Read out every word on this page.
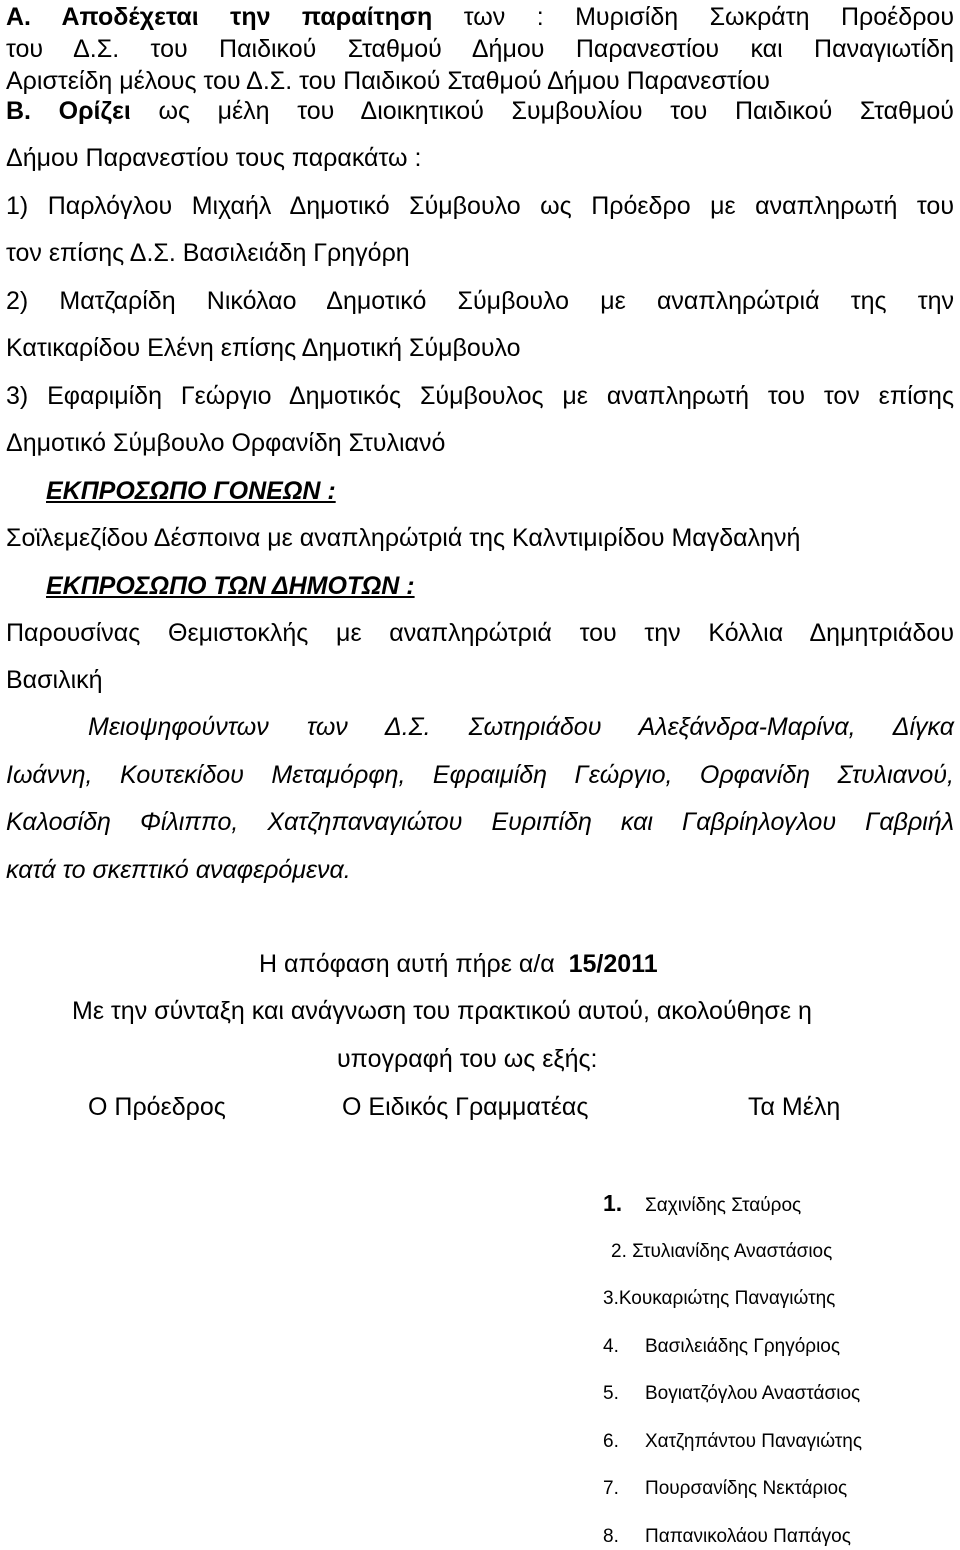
Α. Αποδέχεται την παραίτηση των : Μυρισίδη Σωκράτη Προέδρου
του Δ.Σ. του Παιδικού Σταθμού Δήμου Παρανεστίου και Παναγιωτίδη
Αριστείδη μέλους του Δ.Σ. του Παιδικού Σταθμού Δήμου Παρανεστίου
Β. Ορίζει ως μέλη του Διοικητικού Συμβουλίου του Παιδικού Σταθμού
Δήμου Παρανεστίου τους παρακάτω :
1) Παρλόγλου Μιχαήλ Δημοτικό Σύμβουλο ως Πρόεδρο με αναπληρωτή του
τον επίσης Δ.Σ. Βασιλειάδη Γρηγόρη
2) Ματζαρίδη Νικόλαο Δημοτικό Σύμβουλο με αναπληρώτριά της την
Κατικαρίδου Ελένη επίσης Δημοτική Σύμβουλο
3) Εφαριμίδη Γεώργιο Δημοτικός Σύμβουλος με αναπληρωτή του τον επίσης
Δημοτικό Σύμβουλο Ορφανίδη Στυλιανό
ΕΚΠΡΟΣΩΠΟ ΓΟΝΕΩΝ :
Σοϊλεμεζίδου Δέσποινα με αναπληρώτριά της Καλντιμιρίδου Μαγδαληνή
ΕΚΠΡΟΣΩΠΟ ΤΩΝ ΔΗΜΟΤΩΝ :
Παρουσίνας Θεμιστοκλής με αναπληρώτριά του την Κόλλια Δημητριάδου
Βασιλική
Μειοψηφούντων των Δ.Σ. Σωτηριάδου Αλεξάνδρα-Μαρίνα, Δίγκα
Ιωάννη, Κουτεκίδου Μεταμόρφη, Εφραιμίδη Γεώργιο, Ορφανίδη Στυλιανού,
Καλοσίδη Φίλιππο, Χατζηπαναγιώτου Ευριπίδη και Γαβρίηλογλου Γαβριήλ
κατά το σκεπτικό αναφερόμενα.
Η απόφαση αυτή πήρε α/α 15/2011
Με την σύνταξη και ανάγνωση του πρακτικού αυτού, ακολούθησε η
υπογραφή του ως εξής:
Ο Πρόεδρος	Ο Ειδικός Γραμματέας	Τα Μέλη
1. Σαχινίδης Σταύρος
2. Στυλιανίδης Αναστάσιος
3.Κουκαριώτης Παναγιώτης
4. Βασιλειάδης Γρηγόριος
5. Βογιατζόγλου Αναστάσιος
6. Χατζηπάντου Παναγιώτης
7. Πουρσανίδης Νεκτάριος
8. Παπανικολάου Παπάγος
